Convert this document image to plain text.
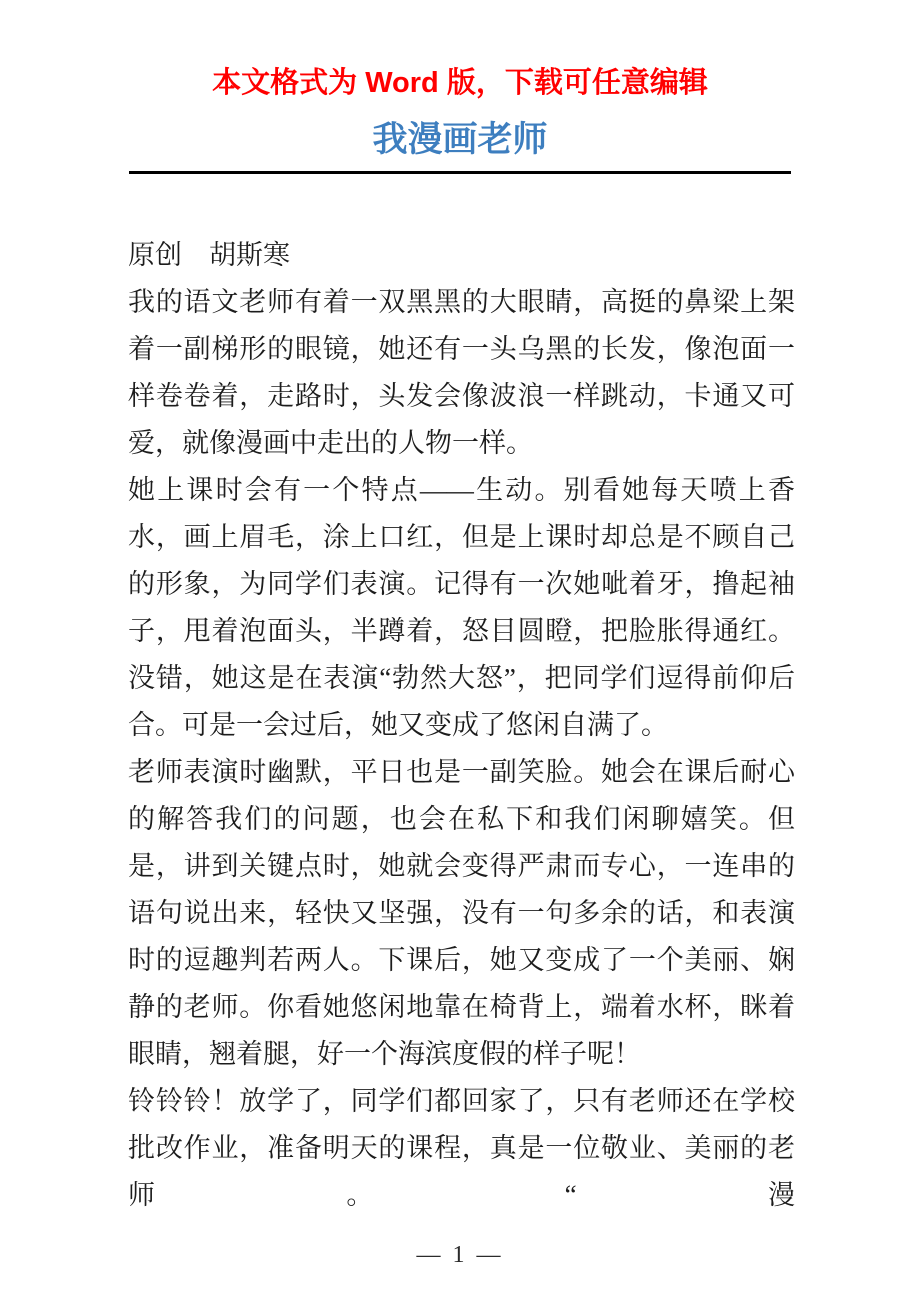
本文格式为 Word 版，下载可任意编辑
我漫画老师

原创　胡斯寒

我的语文老师有着一双黑黑的大眼睛，高挺的鼻梁上架着一副梯形的眼镜，她还有一头乌黑的长发，像泡面一样卷卷着，走路时，头发会像波浪一样跳动，卡通又可爱，就像漫画中走出的人物一样。

她上课时会有一个特点——生动。别看她每天喷上香水，画上眉毛，涂上口红，但是上课时却总是不顾自己的形象，为同学们表演。记得有一次她呲着牙，撸起袖子，甩着泡面头，半蹲着，怒目圆瞪，把脸胀得通红。没错，她这是在表演“勃然大怒”，把同学们逗得前仰后合。可是一会过后，她又变成了悠闲自满了。

老师表演时幽默，平日也是一副笑脸。她会在课后耐心的解答我们的问题，也会在私下和我们闲聊嬉笑。但是，讲到关键点时，她就会变得严肃而专心，一连串的语句说出来，轻快又坚强，没有一句多余的话，和表演时的逗趣判若两人。下课后，她又变成了一个美丽、娴静的老师。你看她悠闲地靠在椅背上，端着水杯，眯着眼睛，翘着腿，好一个海滨度假的样子呢！

铃铃铃！放学了，同学们都回家了，只有老师还在学校批改作业，准备明天的课程，真是一位敬业、美丽的老师。“漫

— 1 —
